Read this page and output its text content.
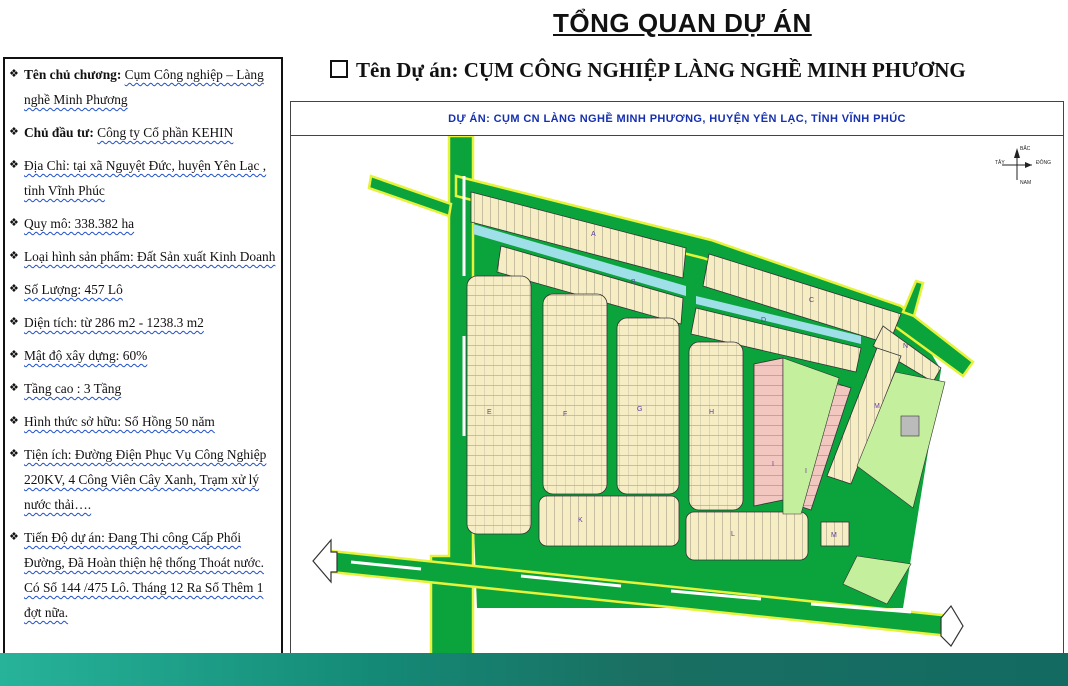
TỔNG QUAN DỰ ÁN
Tên Dự án: CỤM CÔNG NGHIỆP LÀNG NGHỀ MINH PHƯƠNG
❖ Tên chủ chương: Cụm Công nghiệp – Làng nghề Minh Phương
❖ Chủ đầu tư: Công ty Cổ phần KEHIN
❖ Địa Chỉ: tại xã Nguyệt Đức, huyện Yên Lạc , tỉnh Vĩnh Phúc
❖ Quy mô: 338.382 ha
❖ Loại hình sản phẩm: Đất Sản xuất Kinh Doanh
❖ Số Lượng: 457 Lô
❖ Diện tích: từ 286 m2 - 1238.3 m2
❖ Mật độ xây dựng: 60%
❖ Tầng cao : 3 Tầng
❖ Hình thức sở hữu: Sổ Hồng 50 năm
❖ Tiện ích: Đường Điện Phục Vụ Công Nghiệp 220KV, 4 Công Viên Cây Xanh, Trạm xử lý nước thải….
❖ Tiến Độ dự án: Đang Thi công Cấp Phối Đường, Đã Hoàn thiện hệ thống Thoát nước. Có Sổ 144 /475 Lô. Tháng 12 Ra Sổ Thêm 1 đợt nữa.
DỰ ÁN: CỤM CN LÀNG NGHỀ MINH PHƯƠNG, HUYỆN YÊN LẠC, TỈNH VĨNH PHÚC
A
B
C
D
E	F
G	H
I
I
K
L	M
M
N
BẮC
NAM
ĐÔNG
TÂY
